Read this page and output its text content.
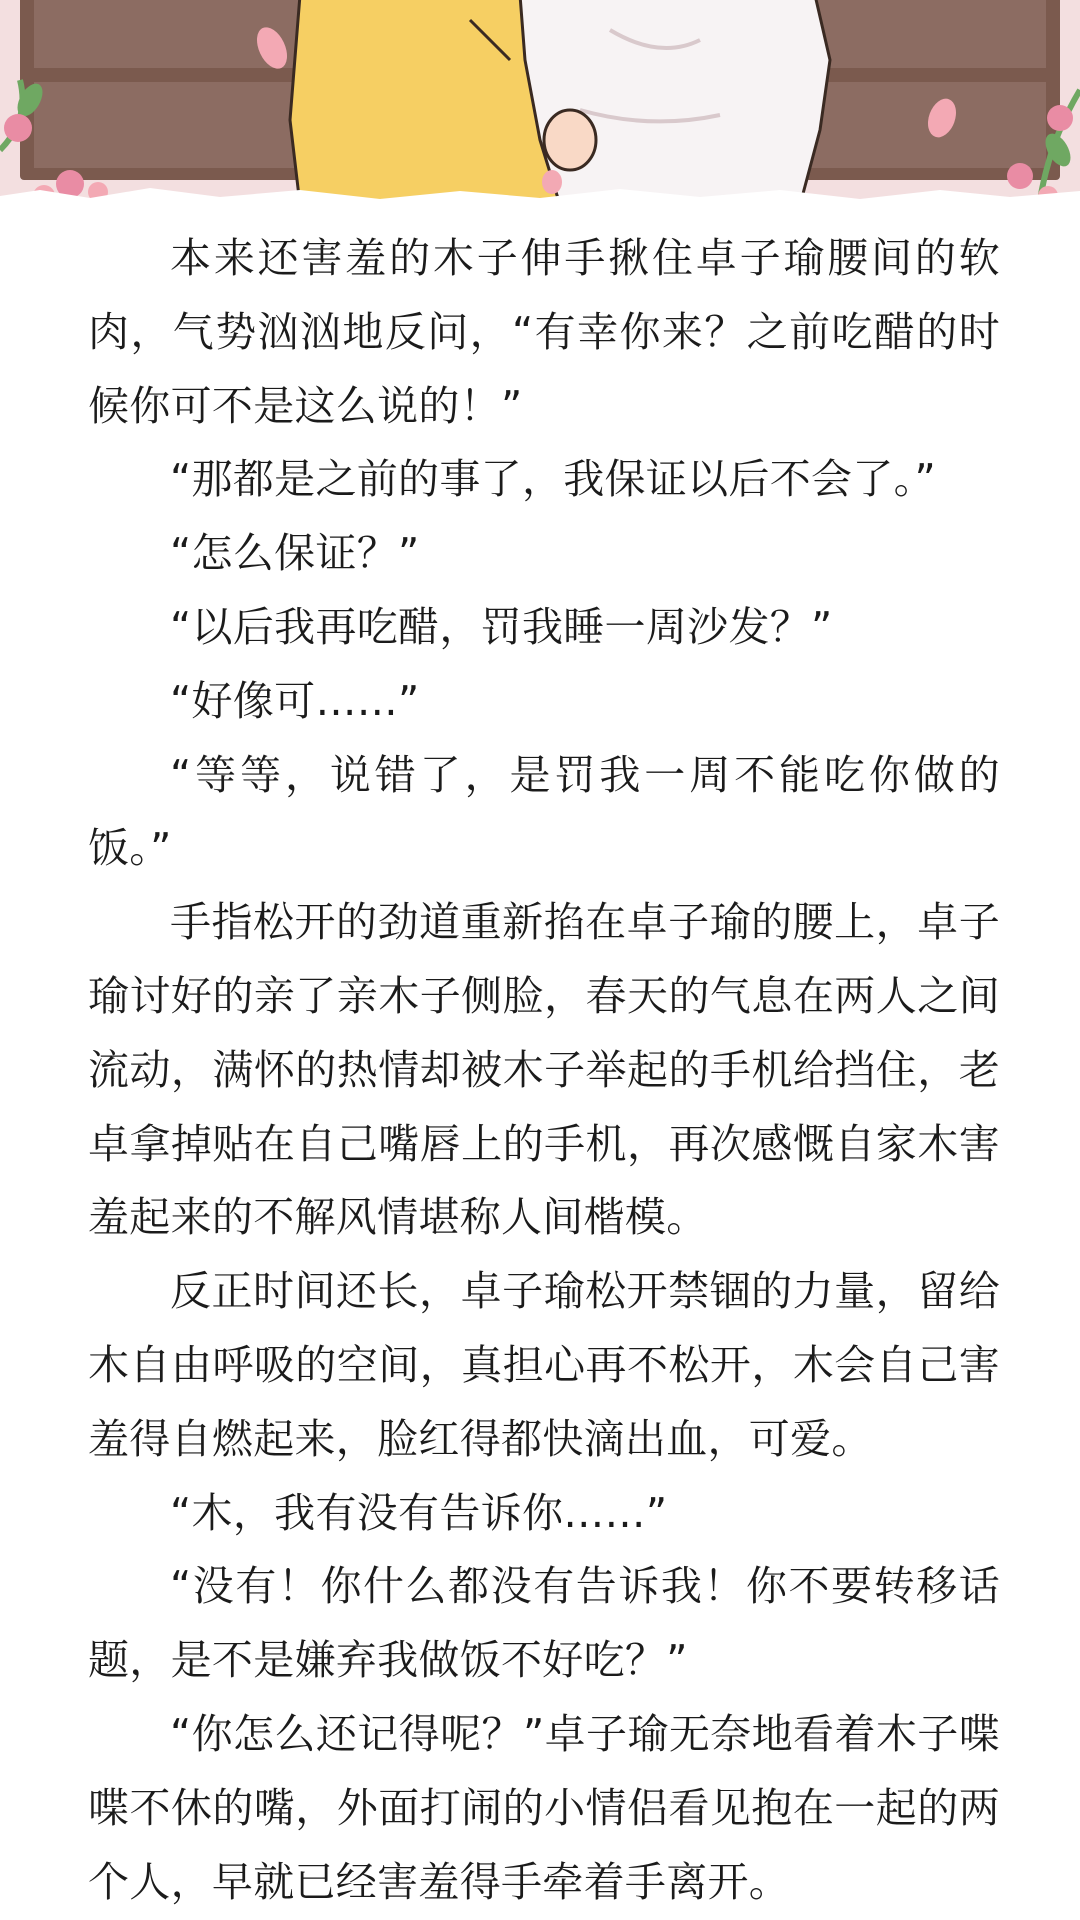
本来还害羞的木子伸手揪住卓子瑜腰间的软肉，气势汹汹地反问，“有幸你来？之前吃醋的时候你可不是这么说的！”

“那都是之前的事了，我保证以后不会了。”

“怎么保证？”

“以后我再吃醋，罚我睡一周沙发？”

“好像可……”

“等等，说错了，是罚我一周不能吃你做的饭。”

手指松开的劲道重新掐在卓子瑜的腰上，卓子瑜讨好的亲了亲木子侧脸，春天的气息在两人之间流动，满怀的热情却被木子举起的手机给挡住，老卓拿掉贴在自己嘴唇上的手机，再次感慨自家木害羞起来的不解风情堪称人间楷模。

反正时间还长，卓子瑜松开禁锢的力量，留给木自由呼吸的空间，真担心再不松开，木会自己害羞得自燃起来，脸红得都快滴出血，可爱。

“木，我有没有告诉你……”

“没有！你什么都没有告诉我！你不要转移话题，是不是嫌弃我做饭不好吃？”

“你怎么还记得呢？”卓子瑜无奈地看着木子喋喋不休的嘴，外面打闹的小情侣看见抱在一起的两个人，早就已经害羞得手牵着手离开。
